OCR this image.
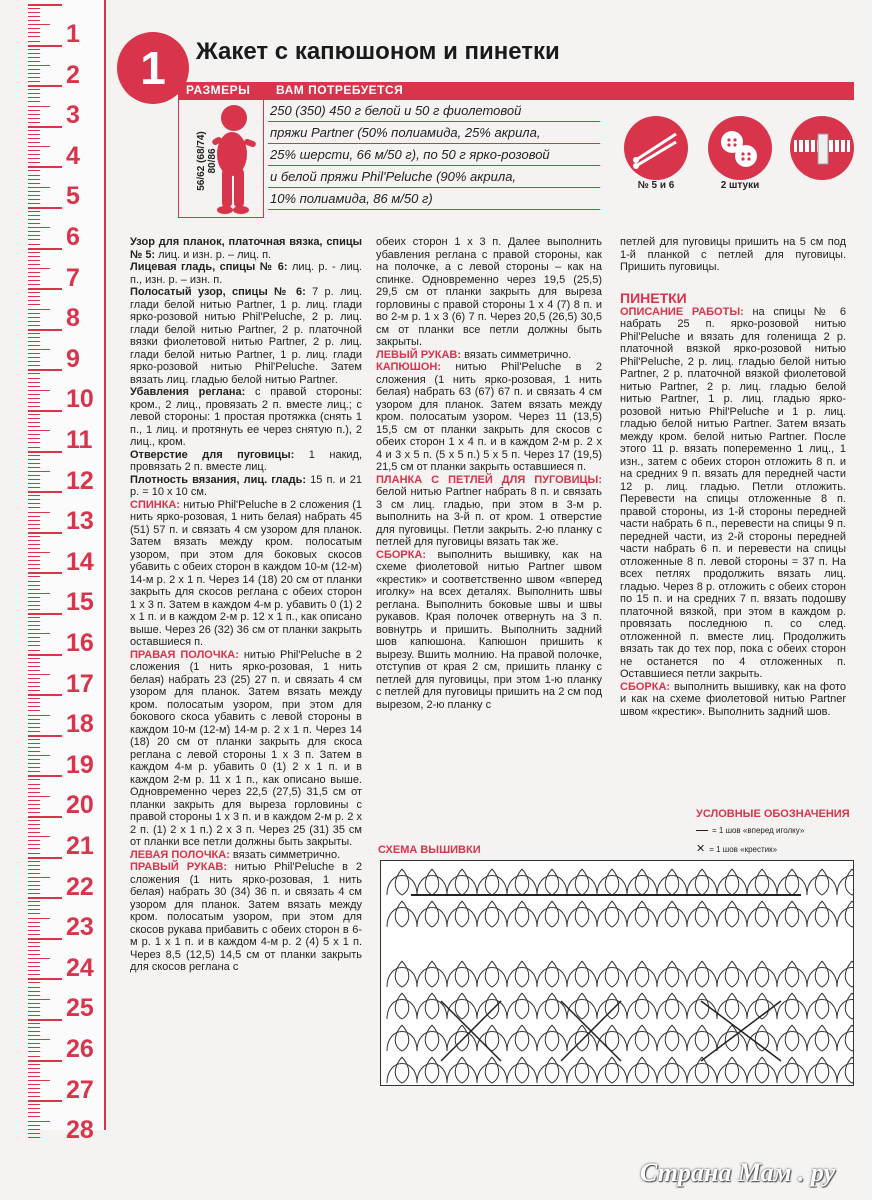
1
2
3
4
5
6
7
8
9
10
11
12
13
14
15
16
17
18
19
20
21
22
23
24
25
26
27
28
1	Жакет с капюшоном и пинетки
РАЗМЕРЫ ВАМ ПОТРЕБУЕТСЯ
56/62 (68/74) 80/86
250 (350) 450 г белой и 50 г фиолетовой
пряжи Partner (50% полиамида, 25% акрила,
25% шерсти, 66 м/50 г), по 50 г ярко-розовой
и белой пряжи Phil'Peluche (90% акрила,
10% полиамида, 86 м/50 г)
№ 5 и 6	2 штуки

Узор для планок, платочная вязка, спицы № 5: лиц. и изн. р. – лиц. п.

Лицевая гладь, спицы № 6: лиц. р. - лиц. п., изн. р. – изн. п.

Полосатый узор, спицы № 6: 7 р. лиц. глади белой нитью Partner, 1 р. лиц. глади ярко-розовой нитью Phil'Peluche, 2 р. лиц. глади белой нитью Partner, 2 р. платочной вязки фиолетовой нитью Partner, 2 р. лиц. глади белой нитью Partner, 1 р. лиц. глади ярко-розовой нитью Phil'Peluche. Затем вязать лиц. гладью белой нитью Partner.

Убавления реглана: с правой стороны: кром., 2 лиц., провязать 2 п. вместе лиц.; с левой стороны: 1 простая протяжка (снять 1 п., 1 лиц. и протянуть ее через снятую п.), 2 лиц., кром.

Отверстие для пуговицы: 1 накид, провязать 2 п. вместе лиц.

Плотность вязания, лиц. гладь: 15 п. и 21 р. = 10 х 10 см.

СПИНКА: нитью Phil'Peluche в 2 сложения (1 нить ярко-розовая, 1 нить белая) набрать 45 (51) 57 п. и связать 4 см узором для планок. Затем вязать между кром. полосатым узором, при этом для боковых скосов убавить с обеих сторон в каждом 10-м (12-м) 14-м р. 2 х 1 п. Через 14 (18) 20 см от планки закрыть для скосов реглана с обеих сторон 1 х 3 п. Затем в каждом 4-м р. убавить 0 (1) 2 х 1 п. и в каждом 2-м р. 12 х 1 п., как описано выше. Через 26 (32) 36 см от планки закрыть оставшиеся п.

ПРАВАЯ ПОЛОЧКА: нитью Phil'Peluche в 2 сложения (1 нить ярко-розовая, 1 нить белая) набрать 23 (25) 27 п. и связать 4 см узором для планок. Затем вязать между кром. полосатым узором, при этом для бокового скоса убавить с левой стороны в каждом 10-м (12-м) 14-м р. 2 х 1 п. Через 14 (18) 20 см от планки закрыть для скоса реглана с левой стороны 1 х 3 п. Затем в каждом 4-м р. убавить 0 (1) 2 х 1 п. и в каждом 2-м р. 11 х 1 п., как описано выше. Одновременно через 22,5 (27,5) 31,5 см от планки закрыть для выреза горловины с правой стороны 1 х 3 п. и в каждом 2-м р. 2 х 2 п. (1) 2 х 1 п.) 2 х 3 п. Через 25 (31) 35 см от планки все петли должны быть закрыты.

ЛЕВАЯ ПОЛОЧКА: вязать симметрично.

ПРАВЫЙ РУКАВ: нитью Phil'Peluche в 2 сложения (1 нить ярко-розовая, 1 нить белая) набрать 30 (34) 36 п. и связать 4 см узором для планок. Затем вязать между кром. полосатым узором, при этом для скосов рукава прибавить с обеих сторон в 6-м р. 1 х 1 п. и в каждом 4-м р. 2 (4) 5 х 1 п. Через 8,5 (12,5) 14,5 см от планки закрыть для скосов реглана с

обеих сторон 1 х 3 п. Далее выполнить убавления реглана с правой стороны, как на полочке, а с левой стороны – как на спинке. Одновременно через 19,5 (25,5) 29,5 см от планки закрыть для выреза горловины с правой стороны 1 х 4 (7) 8 п. и во 2-м р. 1 х 3 (6) 7 п. Через 20,5 (26,5) 30,5 см от планки все петли должны быть закрыты.

ЛЕВЫЙ РУКАВ: вязать симметрично.

КАПЮШОН: нитью Phil'Peluche в 2 сложения (1 нить ярко-розовая, 1 нить белая) набрать 63 (67) 67 п. и связать 4 см узором для планок. Затем вязать между кром. полосатым узором. Через 11 (13,5) 15,5 см от планки закрыть для скосов с обеих сторон 1 х 4 п. и в каждом 2-м р. 2 х 4 и 3 х 5 п. (5 х 5 п.) 5 х 5 п. Через 17 (19,5) 21,5 см от планки закрыть оставшиеся п.

ПЛАНКА С ПЕТЛЕЙ ДЛЯ ПУГОВИЦЫ: белой нитью Partner набрать 8 п. и связать 3 см лиц. гладью, при этом в 3-м р. выполнить на 3-й п. от кром. 1 отверстие для пуговицы. Петли закрыть. 2-ю планку с петлей для пуговицы вязать так же.

СБОРКА: выполнить вышивку, как на схеме фиолетовой нитью Partner швом «крестик» и соответственно швом «вперед иголку» на всех деталях. Выполнить швы реглана. Выполнить боковые швы и швы рукавов. Края полочек отвернуть на 3 п. вовнутрь и пришить. Выполнить задний шов капюшона. Капюшон пришить к вырезу. Вшить молнию. На правой полочке, отступив от края 2 см, пришить планку с петлей для пуговицы, при этом 1-ю планку с петлей для пуговицы пришить на 2 см под вырезом, 2-ю планку с

петлей для пуговицы пришить на 5 см под 1-й планкой с петлей для пуговицы. Пришить пуговицы.

ПИНЕТКИ

ОПИСАНИЕ РАБОТЫ: на спицы № 6 набрать 25 п. ярко-розовой нитью Phil'Peluche и вязать для голенища 2 р. платочной вязкой ярко-розовой нитью Phil'Peluche, 2 р. лиц. гладью белой нитью Partner, 2 р. платочной вязкой фиолетовой нитью Partner, 2 р. лиц. гладью белой нитью Partner, 1 р. лиц. гладью ярко-розовой нитью Phil'Peluche и 1 р. лиц. гладью белой нитью Partner. Затем вязать между кром. белой нитью Partner. После этого 11 р. вязать попеременно 1 лиц., 1 изн., затем с обеих сторон отложить 8 п. и на средних 9 п. вязать для передней части 12 р. лиц. гладью. Петли отложить. Перевести на спицы отложенные 8 п. правой стороны, из 1-й стороны передней части набрать 6 п., перевести на спицы 9 п. передней части, из 2-й стороны передней части набрать 6 п. и перевести на спицы отложенные 8 п. левой стороны = 37 п. На всех петлях продолжить вязать лиц. гладью. Через 8 р. отложить с обеих сторон по 15 п. и на средних 7 п. вязать подошву платочной вязкой, при этом в каждом р. провязать последнюю п. со след. отложенной п. вместе лиц. Продолжить вязать так до тех пор, пока с обеих сторон не останется по 4 отложенных п. Оставшиеся петли закрыть.

СБОРКА: выполнить вышивку, как на фото и как на схеме фиолетовой нитью Partner швом «крестик». Выполнить задний шов.

УСЛОВНЫЕ ОБОЗНАЧЕНИЯ
= 1 шов «вперед иголку»
✕ = 1 шов «крестик»
СХЕМА ВЫШИВКИ
Страна Мам . ру
